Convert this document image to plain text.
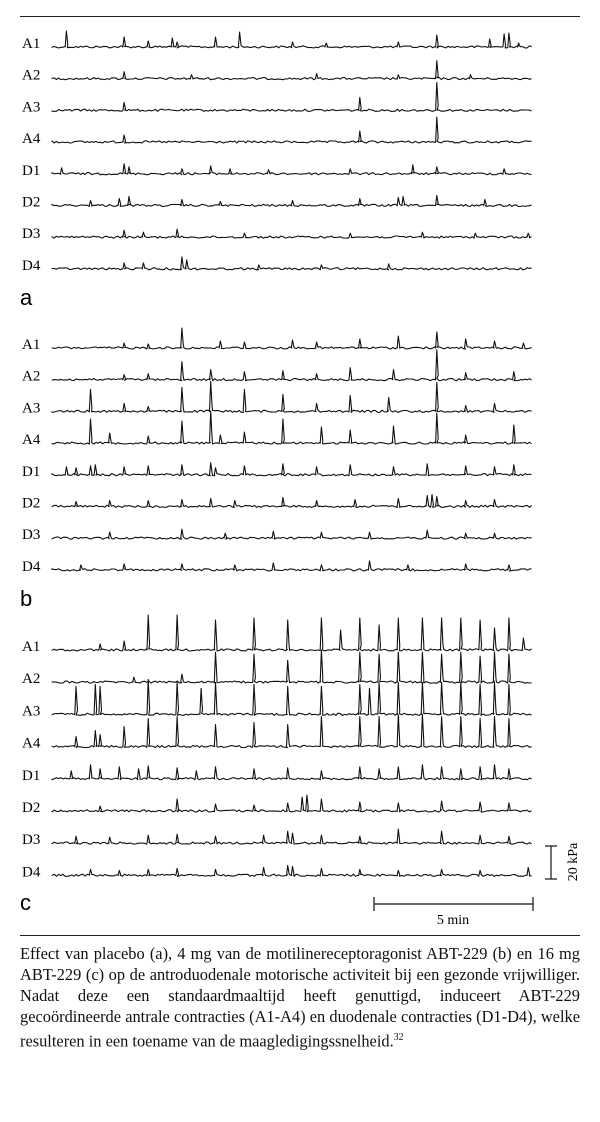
a
A1
A2
A3
A4
D1
D2
D3
D4
b
A1
A2
A3
A4
D1
D2
D3
D4
c
A1
A2
A3
A4
D1
D2
D3
D4	20 kPa
5 min
Effect van placebo (a), 4 mg van de motilinereceptoragonist ABT-229 (b) en 16 mg ABT-229 (c) op de antroduodenale motorische activiteit bij een gezonde vrijwilliger. Nadat deze een standaardmaaltijd heeft genuttigd, induceert ABT-229 gecoördineerde antrale contracties (A1-A4) en duodenale contracties (D1-D4), welke resulteren in een toename van de maagledigingssnelheid.$^{32}$
